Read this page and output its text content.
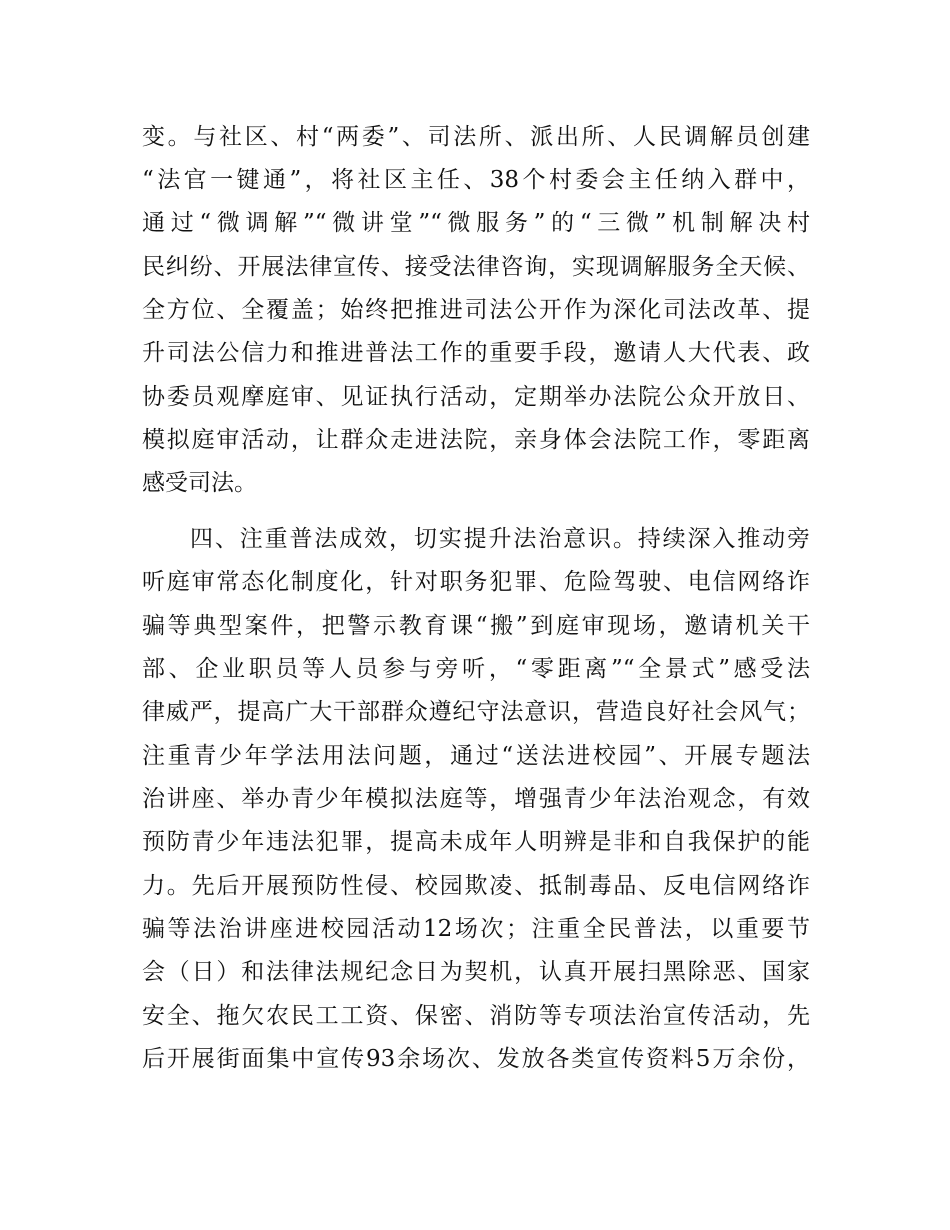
变。与社区、村“两委”、司法所、派出所、人民调解员创建
“法官一键通”，将社区主任、38个村委会主任纳入群中，
通过“微调解”“微讲堂”“微服务”的“三微”机制解决村
民纠纷、开展法律宣传、接受法律咨询，实现调解服务全天候、
全方位、全覆盖；始终把推进司法公开作为深化司法改革、提
升司法公信力和推进普法工作的重要手段，邀请人大代表、政
协委员观摩庭审、见证执行活动，定期举办法院公众开放日、
模拟庭审活动，让群众走进法院，亲身体会法院工作，零距离
感受司法。
四、注重普法成效，切实提升法治意识。持续深入推动旁
听庭审常态化制度化，针对职务犯罪、危险驾驶、电信网络诈
骗等典型案件，把警示教育课“搬”到庭审现场，邀请机关干
部、企业职员等人员参与旁听，“零距离”“全景式”感受法
律威严，提高广大干部群众遵纪守法意识，营造良好社会风气；
注重青少年学法用法问题，通过“送法进校园”、开展专题法
治讲座、举办青少年模拟法庭等，增强青少年法治观念，有效
预防青少年违法犯罪，提高未成年人明辨是非和自我保护的能
力。先后开展预防性侵、校园欺凌、抵制毒品、反电信网络诈
骗等法治讲座进校园活动12场次；注重全民普法，以重要节
会（日）和法律法规纪念日为契机，认真开展扫黑除恶、国家
安全、拖欠农民工工资、保密、消防等专项法治宣传活动，先
后开展街面集中宣传93余场次、发放各类宣传资料5万余份，
